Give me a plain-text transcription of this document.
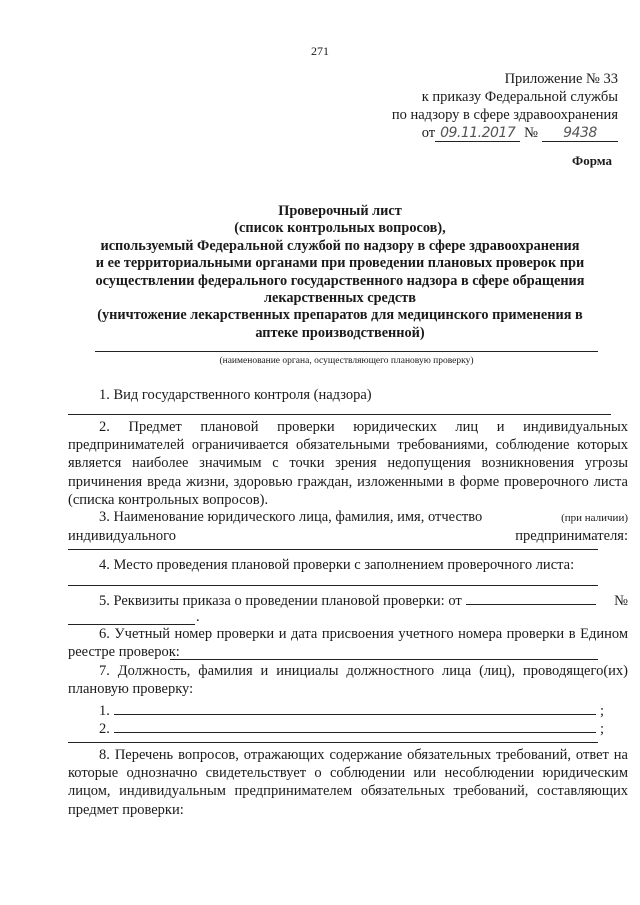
271
Приложение № 33
к приказу Федеральной службы
по надзору в сфере здравоохранения
от 09.11.2017 №	9438
Форма
Проверочный лист
(список контрольных вопросов),
используемый Федеральной службой по надзору в сфере здравоохранения
и ее территориальными органами при проведении плановых проверок при
осуществлении федерального государственного надзора в сфере обращения
лекарственных средств
(уничтожение лекарственных препаратов для медицинского применения в
аптеке производственной)
(наименование органа, осуществляющего плановую проверку)
1. Вид государственного контроля (надзора)
2. Предмет плановой проверки юридических лиц и индивидуальных предпринимателей ограничивается обязательными требованиями, соблюдение которых является наиболее значимым с точки зрения недопущения возникновения угрозы причинения вреда жизни, здоровью граждан, изложенными в форме проверочного листа (списка контрольных вопросов).
3. Наименование юридического лица, фамилия, имя, отчество	(при наличии)
индивидуального	предпринимателя:
4. Место проведения плановой проверки с заполнением проверочного листа:
5. Реквизиты приказа о проведении плановой проверки: от	№
.
6. Учетный номер проверки и дата присвоения учетного номера проверки в Едином реестре проверок:
7. Должность, фамилия и инициалы должностного лица (лиц), проводящего(их) плановую проверку:
1.	;
2.	;
8. Перечень вопросов, отражающих содержание обязательных требований, ответ на которые однозначно свидетельствует о соблюдении или несоблюдении юридическим лицом, индивидуальным предпринимателем обязательных требований, составляющих предмет проверки:
